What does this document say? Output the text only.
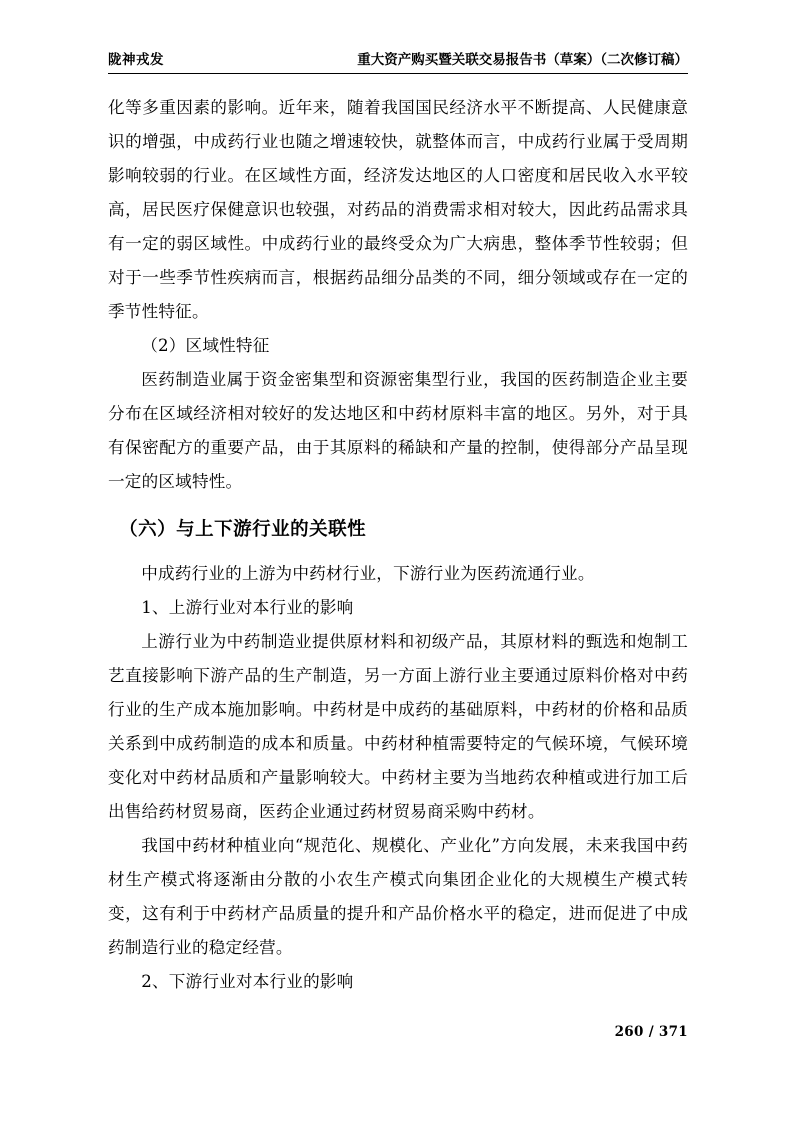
陇神戎发	重大资产购买暨关联交易报告书（草案）（二次修订稿）

化等多重因素的影响。近年来，随着我国国民经济水平不断提高、人民健康意识的增强，中成药行业也随之增速较快，就整体而言，中成药行业属于受周期影响较弱的行业。在区域性方面，经济发达地区的人口密度和居民收入水平较高，居民医疗保健意识也较强，对药品的消费需求相对较大，因此药品需求具有一定的弱区域性。中成药行业的最终受众为广大病患，整体季节性较弱；但对于一些季节性疾病而言，根据药品细分品类的不同，细分领域或存在一定的季节性特征。

（2）区域性特征

医药制造业属于资金密集型和资源密集型行业，我国的医药制造企业主要分布在区域经济相对较好的发达地区和中药材原料丰富的地区。另外，对于具有保密配方的重要产品，由于其原料的稀缺和产量的控制，使得部分产品呈现一定的区域特性。

（六）与上下游行业的关联性

中成药行业的上游为中药材行业，下游行业为医药流通行业。

1、上游行业对本行业的影响

上游行业为中药制造业提供原材料和初级产品，其原材料的甄选和炮制工艺直接影响下游产品的生产制造，另一方面上游行业主要通过原料价格对中药行业的生产成本施加影响。中药材是中成药的基础原料，中药材的价格和品质关系到中成药制造的成本和质量。中药材种植需要特定的气候环境，气候环境变化对中药材品质和产量影响较大。中药材主要为当地药农种植或进行加工后出售给药材贸易商，医药企业通过药材贸易商采购中药材。

我国中药材种植业向“规范化、规模化、产业化”方向发展，未来我国中药材生产模式将逐渐由分散的小农生产模式向集团企业化的大规模生产模式转变，这有利于中药材产品质量的提升和产品价格水平的稳定，进而促进了中成药制造行业的稳定经营。

2、下游行业对本行业的影响

260 / 371
